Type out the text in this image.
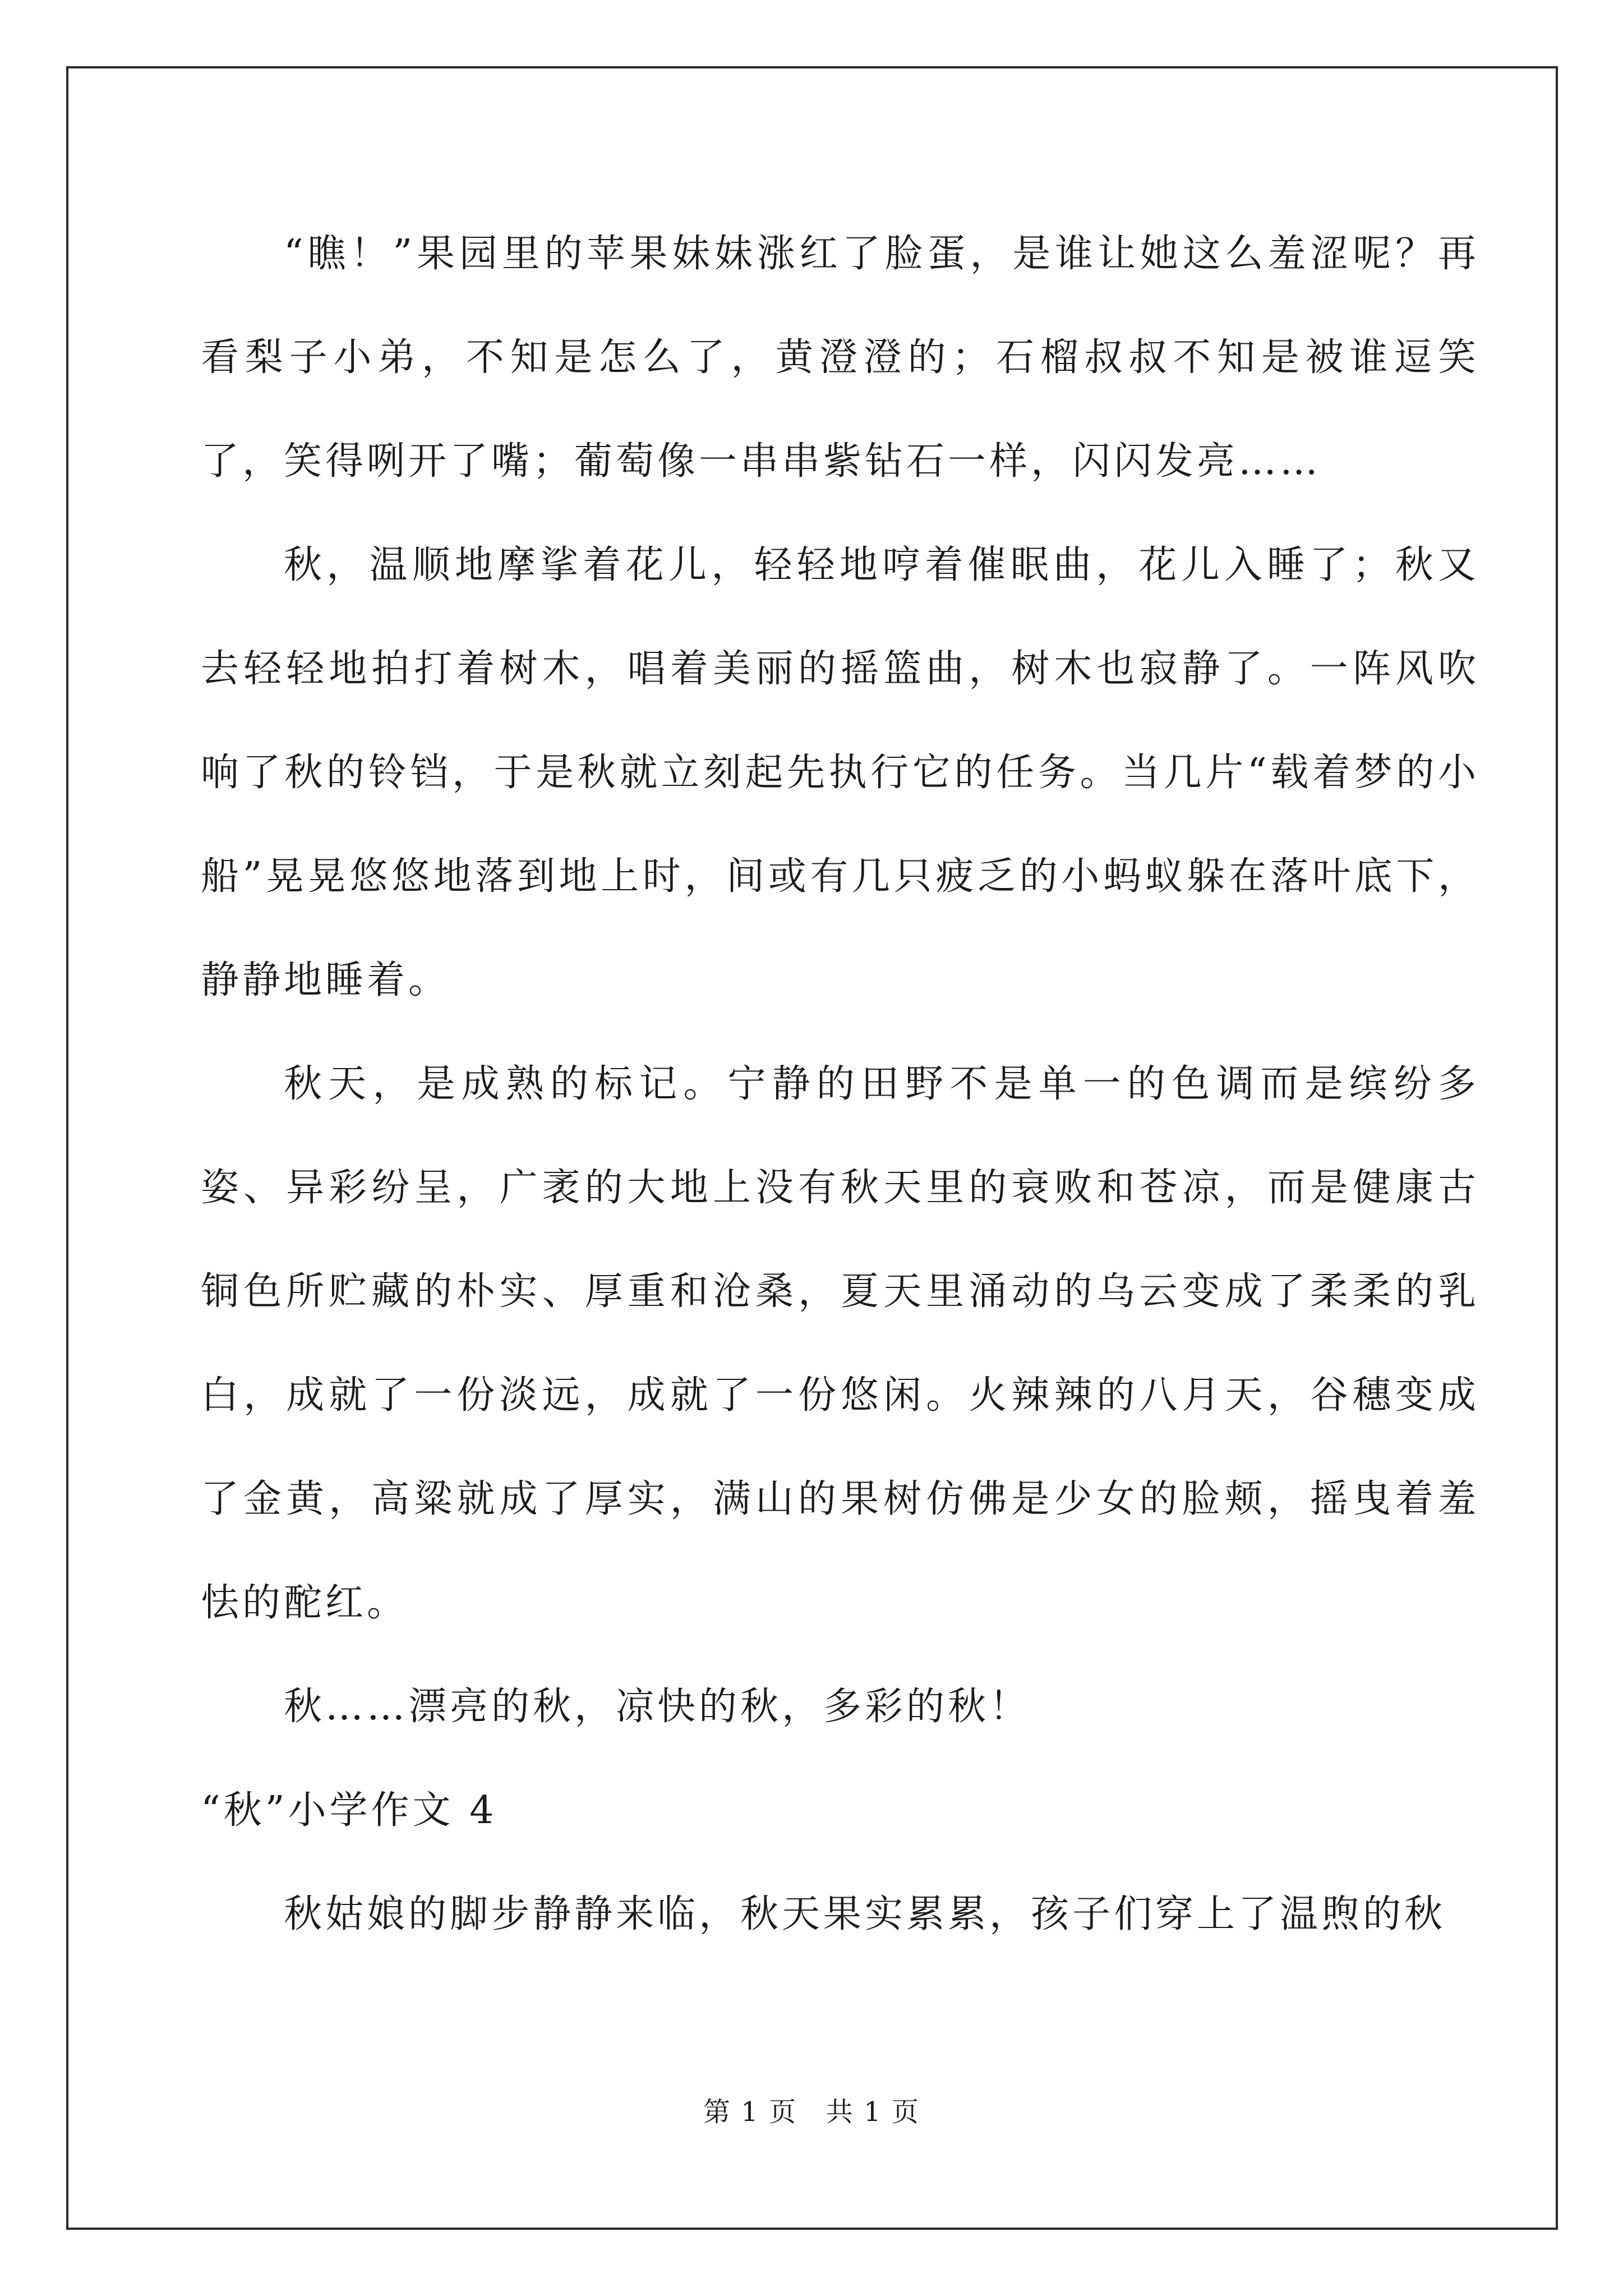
“瞧！”果园里的苹果妹妹涨红了脸蛋，是谁让她这么羞涩呢？再看梨子小弟，不知是怎么了，黄澄澄的；石榴叔叔不知是被谁逗笑了，笑得咧开了嘴；葡萄像一串串紫钻石一样，闪闪发亮……

秋，温顺地摩挲着花儿，轻轻地哼着催眠曲，花儿入睡了；秋又去轻轻地拍打着树木，唱着美丽的摇篮曲，树木也寂静了。一阵风吹响了秋的铃铛，于是秋就立刻起先执行它的任务。当几片“载着梦的小船”晃晃悠悠地落到地上时，间或有几只疲乏的小蚂蚁躲在落叶底下，静静地睡着。

秋天，是成熟的标记。宁静的田野不是单一的色调而是缤纷多姿、异彩纷呈，广袤的大地上没有秋天里的衰败和苍凉，而是健康古铜色所贮藏的朴实、厚重和沧桑，夏天里涌动的乌云变成了柔柔的乳白，成就了一份淡远，成就了一份悠闲。火辣辣的八月天，谷穗变成了金黄，高粱就成了厚实，满山的果树仿佛是少女的脸颊，摇曳着羞怯的酡红。

秋……漂亮的秋，凉快的秋，多彩的秋！

“秋”小学作文 4

秋姑娘的脚步静静来临，秋天果实累累，孩子们穿上了温煦的秋

第 1 页 共 1 页
